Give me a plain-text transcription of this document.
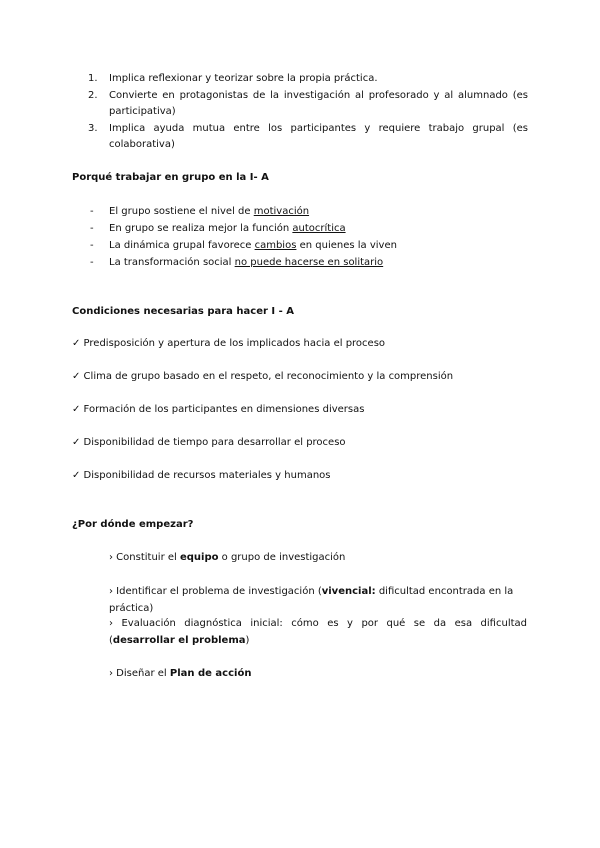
1. Implica reflexionar y teorizar sobre la propia práctica.
2. Convierte en protagonistas de la investigación al profesorado y al alumnado (es participativa)
3. Implica ayuda mutua entre los participantes y requiere trabajo grupal (es colaborativa)
Porqué trabajar en grupo en la I- A
- El grupo sostiene el nivel de motivación
- En grupo se realiza mejor la función autocrítica
- La dinámica grupal favorece cambios en quienes la viven
- La transformación social no puede hacerse en solitario
Condiciones necesarias para hacer I - A
✓ Predisposición y apertura de los implicados hacia el proceso
✓ Clima de grupo basado en el respeto, el reconocimiento y la comprensión
✓ Formación de los participantes en dimensiones diversas
✓ Disponibilidad de tiempo para desarrollar el proceso
✓ Disponibilidad de recursos materiales y humanos
¿Por dónde empezar?
› Constituir el equipo o grupo de investigación
› Identificar el problema de investigación (vivencial: dificultad encontrada en la práctica)
› Evaluación diagnóstica inicial: cómo es y por qué se da esa dificultad (desarrollar el problema)
› Diseñar el Plan de acción
